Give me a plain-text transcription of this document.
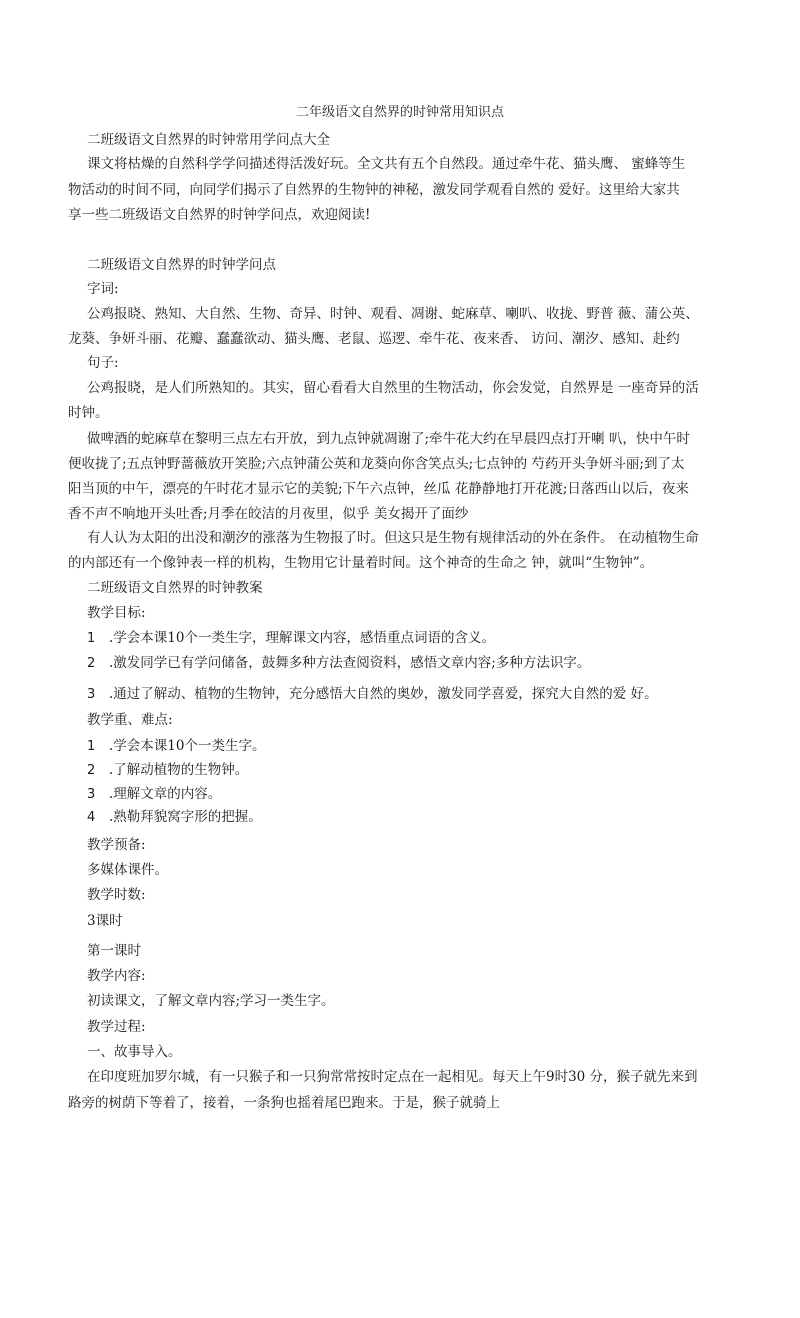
二年级语文自然界的时钟常用知识点
二班级语文自然界的时钟常用学问点大全
课文将枯燥的自然科学学问描述得活泼好玩。全文共有五个自然段。通过牵牛花、猫头鹰、 蜜蜂等生
物活动的时间不同，向同学们揭示了自然界的生物钟的神秘，激发同学观看自然的 爱好。这里给大家共
享一些二班级语文自然界的时钟学问点，欢迎阅读!
二班级语文自然界的时钟学问点
字词:
公鸡报晓、熟知、大自然、生物、奇异、时钟、观看、凋谢、蛇麻草、喇叭、收拢、野普 薇、蒲公英、
龙葵、争妍斗丽、花瓣、蠢蠢欲动、猫头鹰、老鼠、巡逻、牵牛花、夜来香、 访问、潮汐、感知、赴约
句子:
公鸡报晓，是人们所熟知的。其实，留心看看大自然里的生物活动，你会发觉，自然界是 一座奇异的活
时钟。
做啤酒的蛇麻草在黎明三点左右开放，到九点钟就凋谢了;牵牛花大约在早晨四点打开喇 叭，快中午时
便收拢了;五点钟野蔷薇放开笑脸;六点钟蒲公英和龙葵向你含笑点头;七点钟的 芍药开头争妍斗丽;到了太
阳当顶的中午，漂亮的午时花才显示它的美貌;下午六点钟，丝瓜 花静静地打开花渡;日落西山以后，夜来
香不声不响地开头吐香;月季在皎洁的月夜里，似乎 美女揭开了面纱
有人认为太阳的出没和潮汐的涨落为生物报了时。但这只是生物有规律活动的外在条件。 在动植物生命
的内部还有一个像钟表一样的机构，生物用它计量着时间。这个神奇的生命之 钟，就叫“生物钟”。
二班级语文自然界的时钟教案
教学目标:
1 .学会本课10个一类生字，理解课文内容，感悟重点词语的含义。
2 .激发同学已有学问储备，鼓舞多种方法查阅资料，感悟文章内容;多种方法识字。
3 .通过了解动、植物的生物钟，充分感悟大自然的奥妙，激发同学喜爱，探究大自然的爱 好。
教学重、难点:
1 .学会本课10个一类生字。
2 .了解动植物的生物钟。
3 .理解文章的内容。
4 .熟勒拜貌窝字形的把握。
教学预备:
多媒体课件。
教学时数:
3课时
第一课时
教学内容:
初读课文，了解文章内容;学习一类生字。
教学过程:
一、故事导入。
在印度班加罗尔城，有一只猴子和一只狗常常按时定点在一起相见。每天上午9时30 分，猴子就先来到
路旁的树荫下等着了，接着，一条狗也摇着尾巴跑来。于是，猴子就骑上
